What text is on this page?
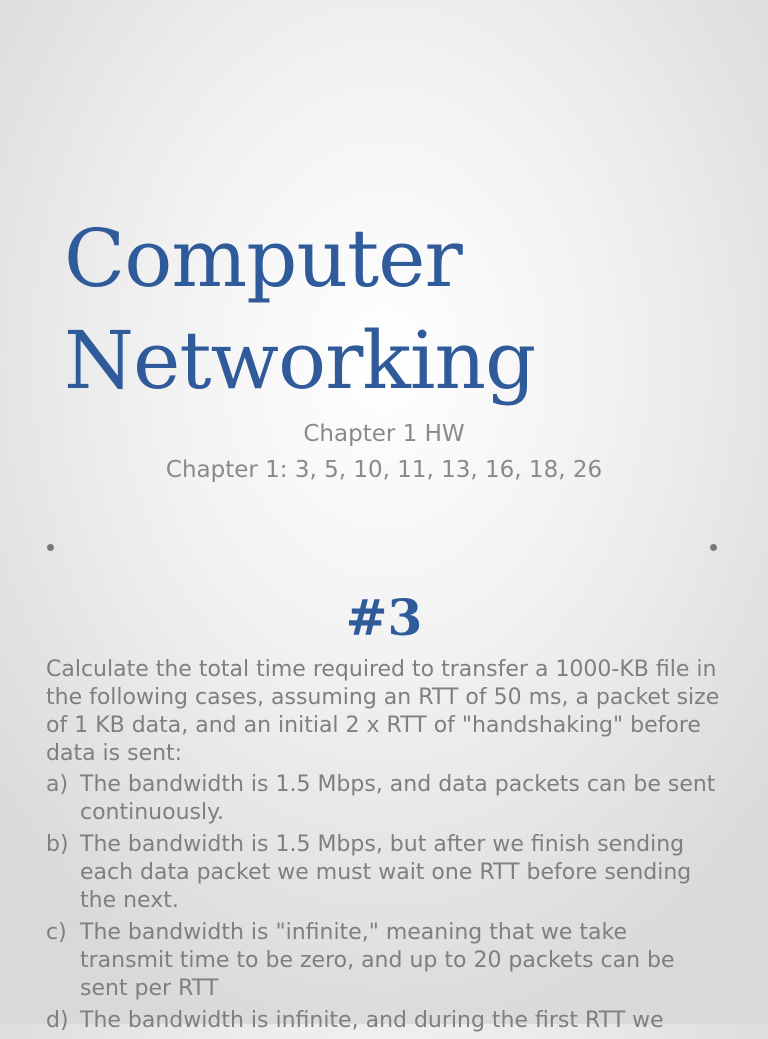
Computer
Networking

Chapter 1 HW

Chapter 1: 3, 5, 10, 11, 13, 16, 18, 26

#3

Calculate the total time required to transfer a 1000-KB file in the following cases, assuming an RTT of 50 ms, a packet size of 1 KB data, and an initial 2 x RTT of "handshaking" before data is sent:

a) The bandwidth is 1.5 Mbps, and data packets can be sent continuously.
b) The bandwidth is 1.5 Mbps, but after we finish sending each data packet we must wait one RTT before sending the next.
c) The bandwidth is "infinite," meaning that we take transmit time to be zero, and up to 20 packets can be sent per RTT
d) The bandwidth is infinite, and during the first RTT we
